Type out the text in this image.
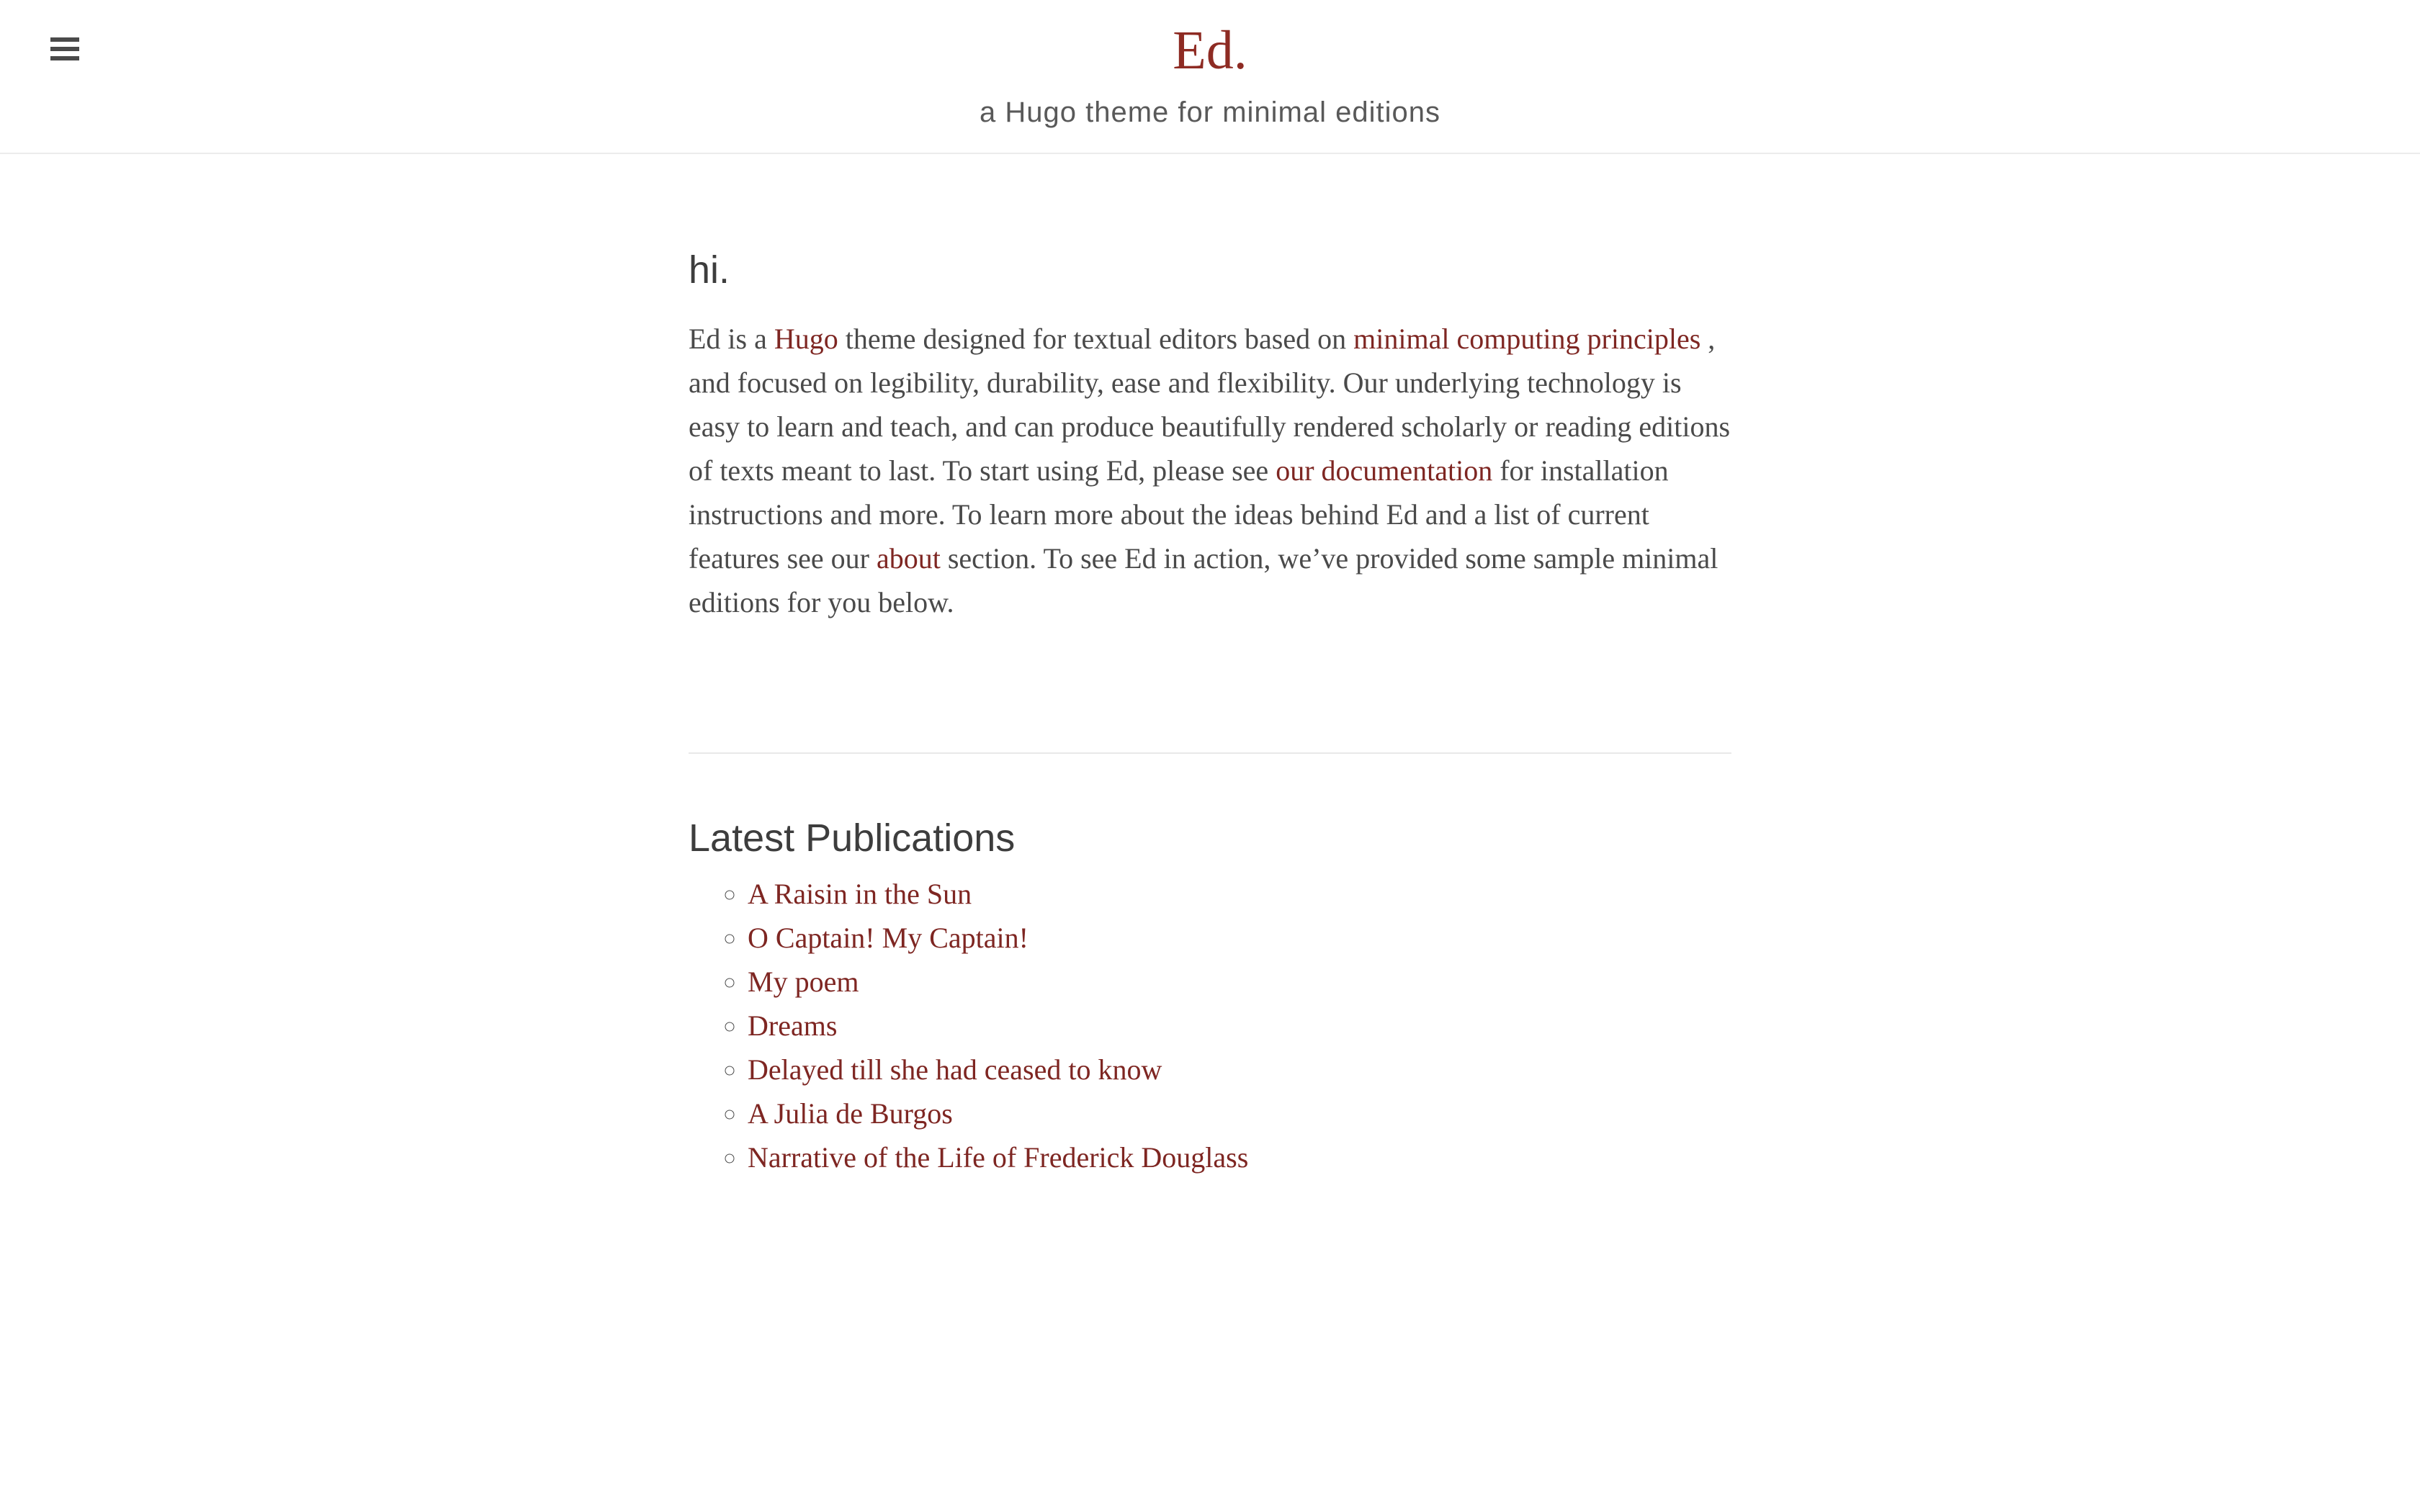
Ed.

a Hugo theme for minimal editions

hi.

Ed is a Hugo theme designed for textual editors based on minimal computing principles , and focused on legibility, durability, ease and flexibility. Our underlying technology is easy to learn and teach, and can produce beautifully rendered scholarly or reading editions of texts meant to last. To start using Ed, please see our documentation for installation instructions and more. To learn more about the ideas behind Ed and a list of current features see our about section. To see Ed in action, we’ve provided some sample minimal editions for you below.

Latest Publications
◦ A Raisin in the Sun
◦ O Captain! My Captain!
◦ My poem
◦ Dreams
◦ Delayed till she had ceased to know
◦ A Julia de Burgos
◦ Narrative of the Life of Frederick Douglass
